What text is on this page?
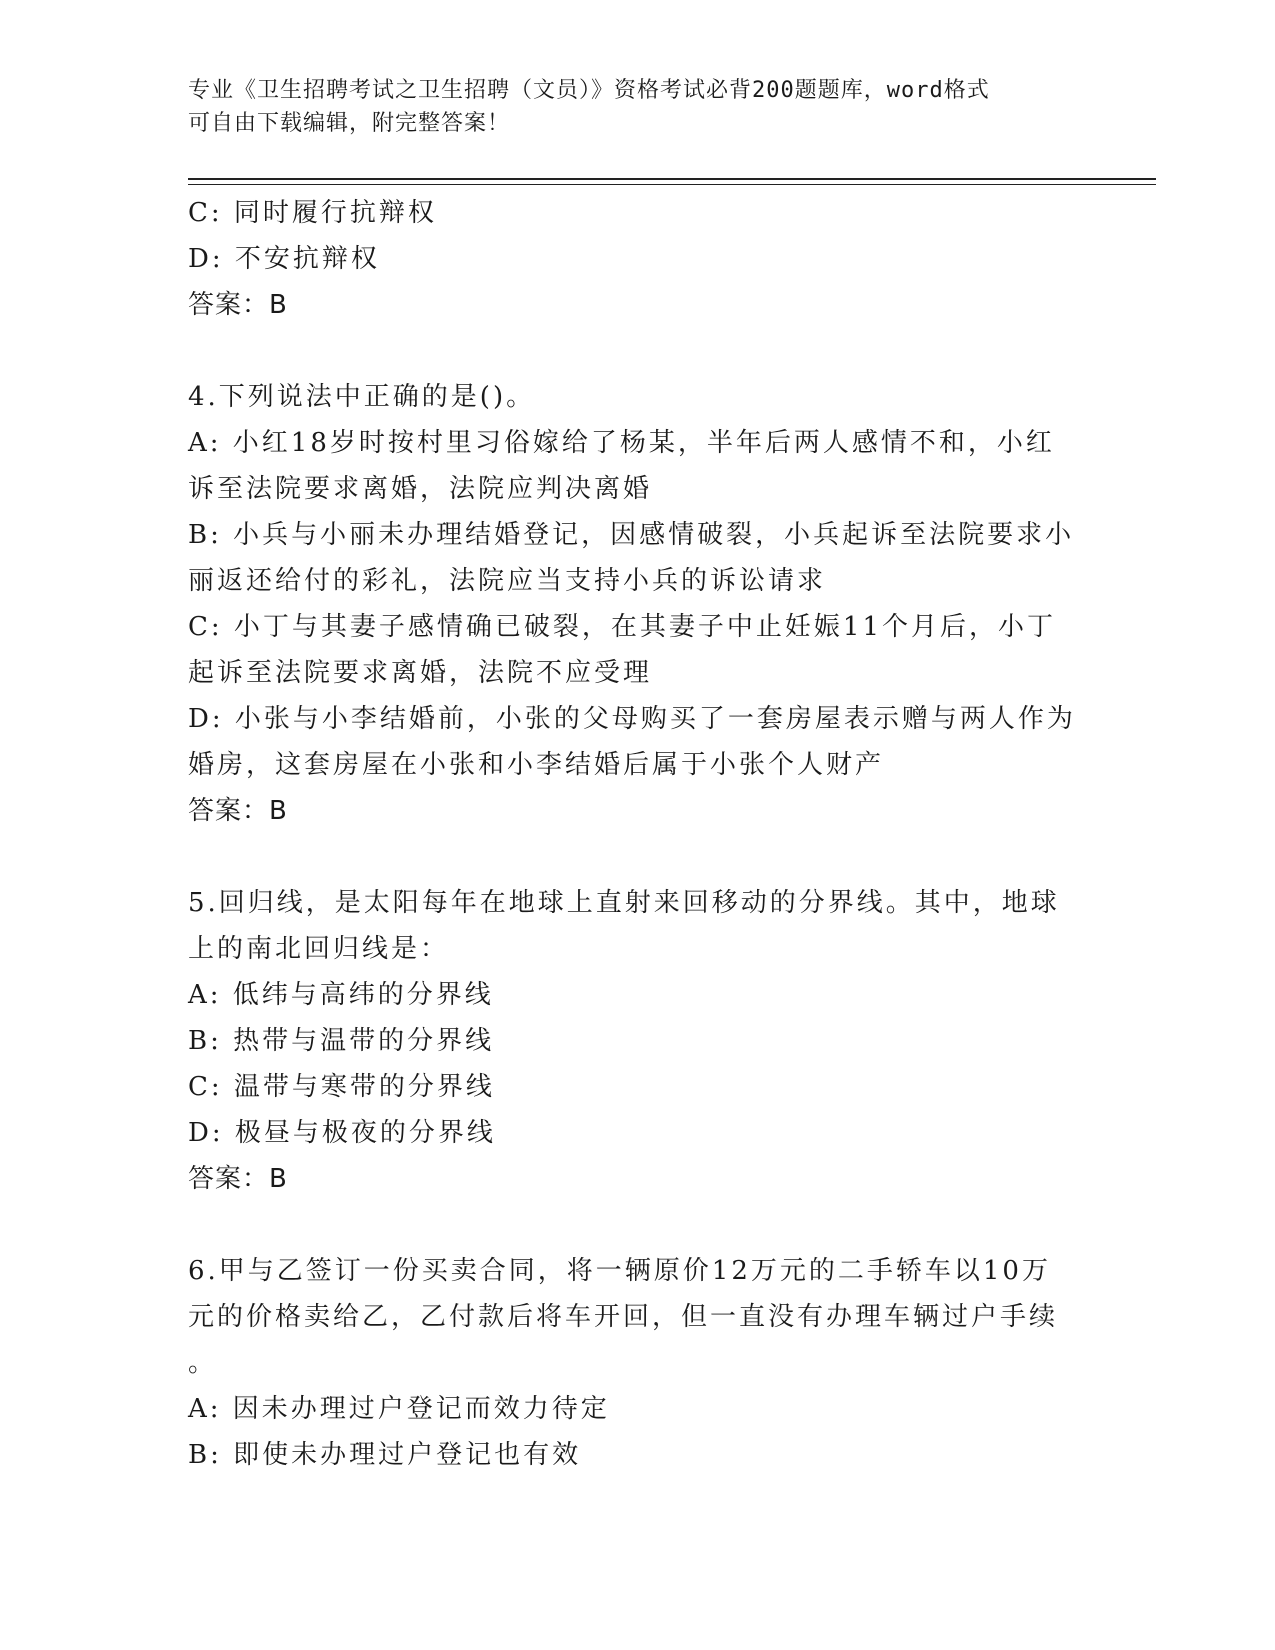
专业《卫生招聘考试之卫生招聘（文员）》资格考试必背200题题库，word格式
可自由下载编辑，附完整答案！
C: 同时履行抗辩权
D: 不安抗辩权
答案：B
4.下列说法中正确的是()。
A: 小红18岁时按村里习俗嫁给了杨某，半年后两人感情不和，小红
诉至法院要求离婚，法院应判决离婚
B: 小兵与小丽未办理结婚登记，因感情破裂，小兵起诉至法院要求小
丽返还给付的彩礼，法院应当支持小兵的诉讼请求
C: 小丁与其妻子感情确已破裂，在其妻子中止妊娠11个月后，小丁
起诉至法院要求离婚，法院不应受理
D: 小张与小李结婚前，小张的父母购买了一套房屋表示赠与两人作为
婚房，这套房屋在小张和小李结婚后属于小张个人财产
答案：B
5.回归线，是太阳每年在地球上直射来回移动的分界线。其中，地球
上的南北回归线是：
A: 低纬与高纬的分界线
B: 热带与温带的分界线
C: 温带与寒带的分界线
D: 极昼与极夜的分界线
答案：B
6.甲与乙签订一份买卖合同，将一辆原价12万元的二手轿车以10万
元的价格卖给乙，乙付款后将车开回，但一直没有办理车辆过户手续
。
A: 因未办理过户登记而效力待定
B: 即使未办理过户登记也有效
